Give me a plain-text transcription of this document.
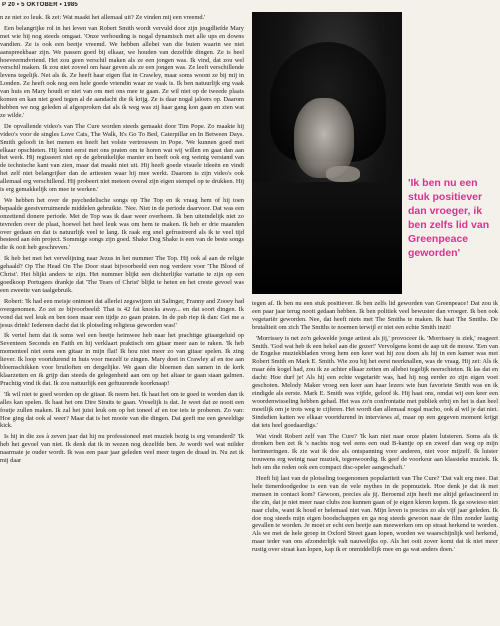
P 20 • 5 OKTOBER • 1985

n ze niet zo leuk. Ik zei: Wat maakt het allemaal uit? Ze vinden mij een vreemd.'

Een belangrijke rol in het leven van Robert Smith wordt vervuld door zijn jeugdliefde Mary met wie hij nog steeds omgaat. 'Onze verhouding is nogal dynamisch met alle ups en downs vandien. Ze is ook een beetje vreemd. We hebben allebei van die buien waarin we niet aanspreekbaar zijn. We passen goed bij elkaar, we houden van dezelfde dingen. Ze is heel hoeveermdvriend. Het zou geen verschil maken als ze een jongen was. Ik vind, dat zou wel verschil maken. Ik zou niet zoveel om haar geven als ze een jongen was. Ze leeft verschillende levens tegelijk. Net als ik. Ze heeft haar eigen flat in Crawley, maar soms woont ze bij mij in Londen. Ze heeft ook nog een hele goede vriendin waar ze vaak is. Ik ben natuurlijk erg vaak van huis en Mary houdt er niet van om met ons mee te gaan. Ze wil niet op de tweede plaats komen en kan niet goed tegen al de aandacht die ik krijg. Ze is daar nogal jaloers op. Daarom hebben we nog geleden al afgesproken dat als ik weg was zij haar gang kon gaan en zien wat ze wilde.'

De opvallende video's van The Cure worden steeds gemaakt door Tim Pope. Zo maakte hij video's voor de singles Love Cats, The Walk, It's Go To Bed, Caterpillar en In Between Days. Smith gelooft in het menen en heeft het volste vertrouwen in Pope. 'We kunnen goed met elkaar opschieten. Hij komt eerst met ons praten om te horen wat wij willen en gaat dan aan het werk. Hij regisseert niet op de gebruikelijke manier en heeft ook erg weinig verstand van de technische kant van zien, maar dat maakt niet uit. Hij heeft goede visuele ideeën en vindt het zelf niet belangrijker dan de artiesten waar hij mee werkt. Daarom is zijn video's ook allemaal erg verschillend. Hij probeert niet meteen overal zijn eigen stempel op te drukken. Hij is erg gemakkelijk om mee te werken.'

We hebben het over de psychedelische songs op The Top en ik vraag hem of hij toen bepaalde geestverruimende middelen gebruikte. 'Nee. Niet in de periode daarvoor. Dat was een onzettend donere periode. Met de Top was ik daar weer overheen. Ik ben uiteindelijk niet zo tevreden over de plaat, hoewel het heel leuk was om hem te maken. Ik heb er drie maanden over gedaan en dat is natuurlijk veel te lang. Ik raak erg snel gefrustreerd als ik te veel tijd besteed aan één project. Sommige songs zijn goed. Shake Dog Shake is een van de beste songs die ik ooit heb geschreven.'

Ik heb het met het vervelijning naar Jezus in het nummer The Top. Hij ook al aan de religie gehaald? Op The Head On The Door staat bijvoorbeeld een nog verdere voor 'The Blood of Christ'. Het blijkt anders te zijn. Het nummer blijkt een dichterlijke variatie te zijn op een goedkoop Portugees drankje dat 'The Tears of Christ' blijkt te heten en het creste gevoel was een zweetie van taalgebruik.

Robert: 'Ik had een meisje ontmoet dat allerlei zegswijzen uit Salinger, Franny and Zooey had overgenomen. Zo zei ze bijvoorbeeld: That is 42 fat knocks away... en dat soort dingen. Ik vond dat wel leuk en ben toen maar een tijdje zo gaan praten. In de pub riep ik dan: Get me a jesus drink! Iedereen dacht dat ik plotseling religieus geworden was!'

Ik vertel hem dat ik soms wel een beetje heimwee heb naar het prachtige gitaargeluid op Seventeen Seconds en Faith en hij verklaart praktisch om gitaar meer aan te raken. 'Ik heb momenteel niet eens een gitaar in mijn flat! Ik hou niet meer zo van gitaar spelen. Ik zing liever. Ik loop voortdurend in huis voor mezelf te zingen. Mary doet in Crawley af en toe aan bloemschikken voor bruiloften en dergelijke. We gaan die bloemen dan samen in de kerk klaarzetten en ik grijp dan steeds de gelegenheid aan om op het altaar te gaan staan galmen. Prachtig vind ik dat. Ik zou natuurlijk een geftuurende koorknaap!

'Ik wil niet te goed worden op de gitaar. Ik neem het. Ik haat het om te goed te worden dan ik alles kan spelen. Ik haat het om Dire Straits te gaan. Vreselijk is dat. Je weet dat ze nooit een foutje zullen maken. Ik zal het juist leuk om op het toneel af en toe iets te proberen. Zo van: Hoe ging dat ook al weer? Maar dat is het mooie van die dingen. Dat geeft me een geweldige kick.

Is hij in die zes à zeven jaar dat hij nu professioneel met muziek bezig is erg veranderd? 'Ik heb het gevoel van niet. Ik denk dat ik in wezen nog dezelfde ben. Je wordt wel wat milder naarmate je ouder wordt. Ik was een paar jaar geleden veel meer tegen de draad in. Nu zet ik mij daar

'Ik ben nu een stuk positiever dan vroeger, ik ben zelfs lid van Greenpeace geworden'

tegen af. Ik ben nu een stuk positiever. Ik ben zelfs lid geworden van Greenpeace! Dat zou ik een paar jaar terug nooit gedaan hebben. Ik ben politiek veel bewuster dan vroeger. Ik ben ook vegetariër geworden. Nee, dat heeft niets met The Smiths te maken. Ik haat The Smiths. De brutaliteit om zich The Smiths te noemen terwijl er niet een echte Smith inzit!

'Morrissey is net zo'n gekwelde jonge artiest als jij,' provoceer ik. 'Morrissey is ziek,' reageert Smith. 'God wat heb ik een hekel aan die gozer!' Vervolgens komt de aap uit de mouw. 'Een van de Engelse muziekbladen vroeg hem een keer wat hij zou doen als hij in een kamer was met Robert Smith en Mark E. Smith. Wie zou hij het eerst neerknallen, was de vraag. Hij zei: Als ik maar één kogel had, zou ik ze achter elkaar zetten en allebei tegelijk neerschieten. Ik las dat en dacht: Hoe durf je! Als hij een echte vegetariër was, had hij nog eerder zo zijn eigen voet geschoten. Melody Maker vroeg een keer aan haar lezers wie hun favoriete Smith was en ik eindigde als eerste. Mark E. Smith was vijfde, geloof ik. Hij haat ons, omdat wij een keer een woordenwisseling hebben gehad. Het was zo'n confrontatie met publiek erbij en het is dan heel moeilijk om je trots weg te cijferen. Het wordt dan allemaal nogal macho, ook al wil je dat niet. Sindsdien katten we elkaar voortdurend in interviews af, maar op een gegeven moment krijgt dat iets heel goedaardigs.'

Wat vindt Robert zelf van The Cure? 'Ik kan niet naar onze platen luisteren. Soms als ik dronken ben zet ik 's nachts nog wel eens een oud B-kantje op en zweef dan weg op mijn herinneringen. Ik zie wat ik doe als ontspanning voor anderen, niet voor mijzelf. Ik luister trouwens erg weinig naar muziek, tegenwoordig. Ik geef de voorkeur aan klassieke muziek. Ik heb om die reden ook een compact disc-speler aangeschaft.'

Heeft hij last van de plotseling toegenomen populariteit van The Cure? 'Dat valt erg mee. Dat hele tienerdoodgedoe is een van de vele mythes in de popmuziek. Hoe denk je dat ik met mensen in contact kom? Gewoon, precies als jij. Beroemd zijn heeft me altijd gefascineerd in die zin, dat je niet meer naar clubs zou kunnen gaan of je eigen kleren kopen. Ik ga sowieso niet naar clubs, want ik houd er helemaal niet van. Mijn leven is precies zo als vijf jaar geleden. Ik doe nog steeds mijn eigen boodschappen en ga nog steeds gewoon naar de film zonder lastig gevallen te worden. Je moet er echt een beetje aan meewerken om op straat herkend te worden. Als we met de hele groep in Oxford Street gaan lopen, worden we waarschijnlijk wel herkend, maar ieder van ons afzonderlijk valt nauwelijks op. Als het ooit zover komt dat ik niet meer rustig over straat kan lopen, kap ik er onmiddellijk mee en ga wat anders doen.'
